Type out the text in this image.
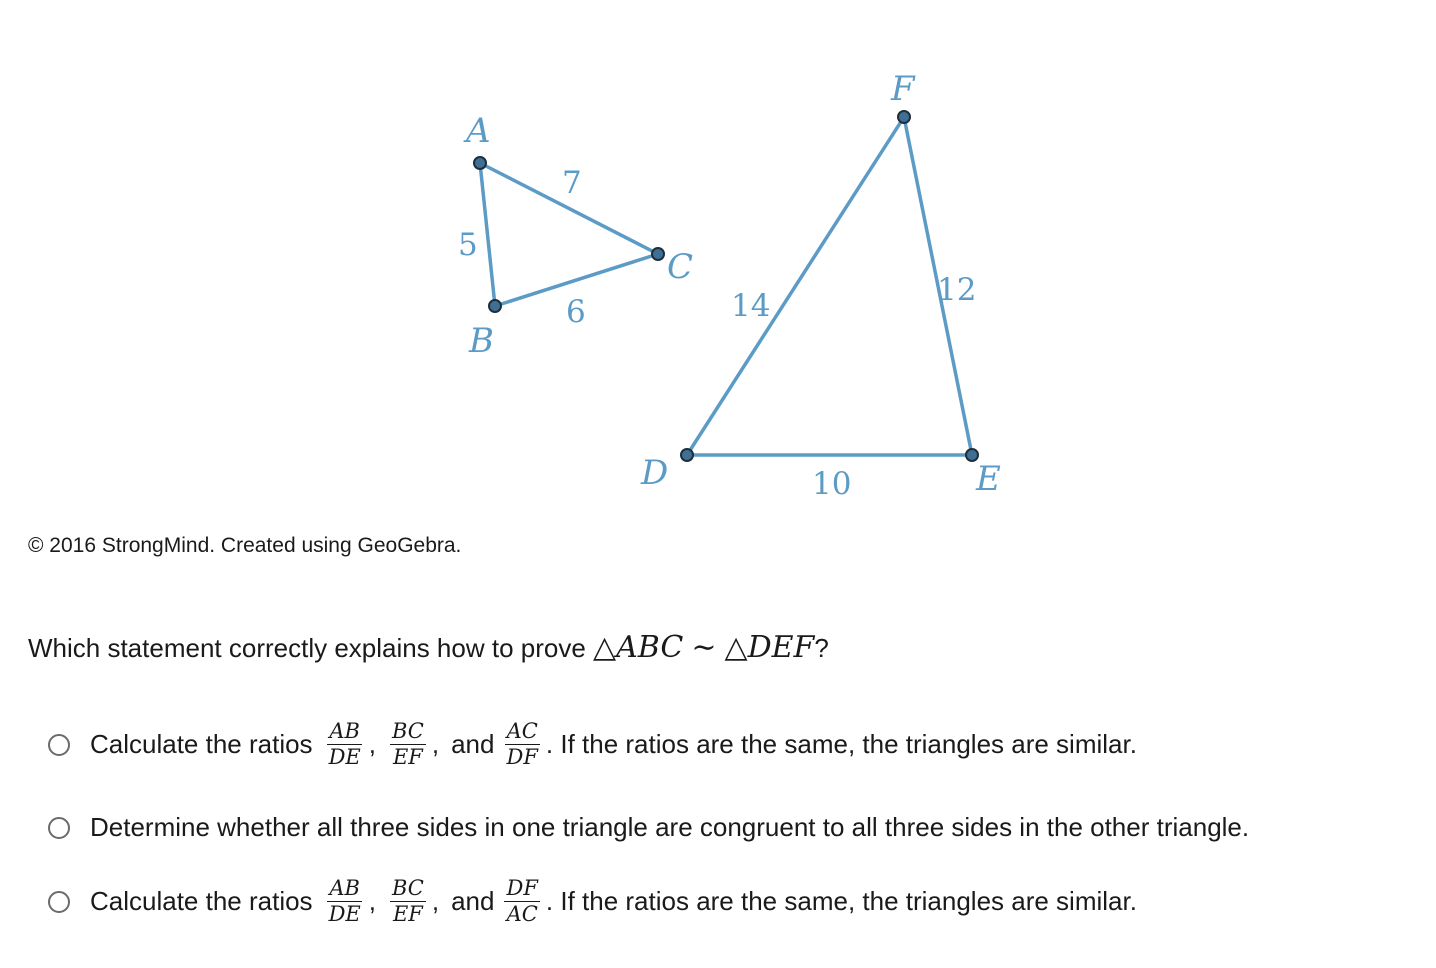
A
B
C
D	E
F
5
7
6	14	12
10
© 2016 StrongMind. Created using GeoGebra.
Which statement correctly explains how to prove △ABC ∼ △DEF?
Calculate the ratios $\frac{AB}{DE}$ , $\frac{BC}{EF}$ , and $\frac{AC}{DF}$ . If the ratios are the same, the triangles are similar.
Determine whether all three sides in one triangle are congruent to all three sides in the other triangle.
Calculate the ratios $\frac{AB}{DE}$ , $\frac{BC}{EF}$ , and $\frac{DF}{AC}$ . If the ratios are the same, the triangles are similar.
